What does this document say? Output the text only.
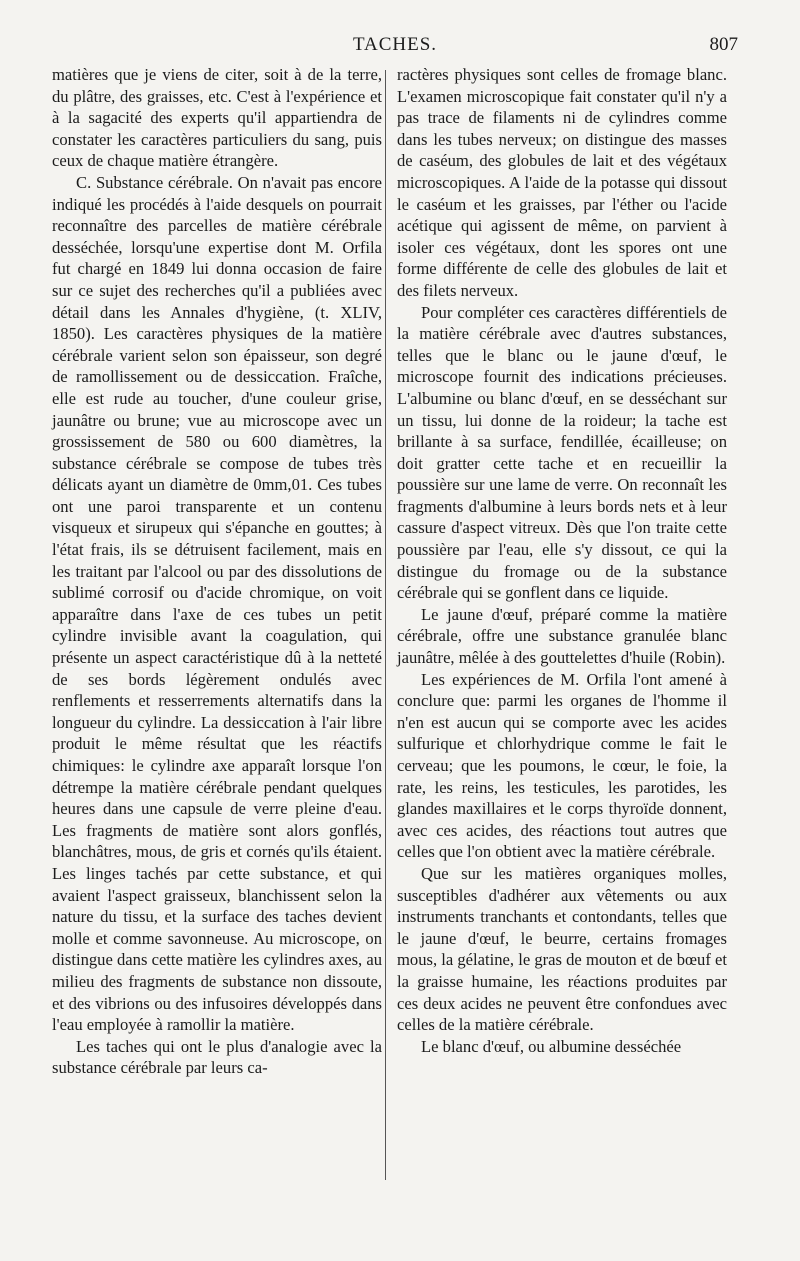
TACHES.	807

matières que je viens de citer, soit à de la terre, du plâtre, des graisses, etc. C'est à l'expérience et à la sagacité des experts qu'il appartiendra de constater les caractères particuliers du sang, puis ceux de chaque matière étrangère.

C. Substance cérébrale. On n'avait pas encore indiqué les procédés à l'aide desquels on pourrait reconnaître des parcelles de matière cérébrale desséchée, lorsqu'une expertise dont M. Orfila fut chargé en 1849 lui donna occasion de faire sur ce sujet des recherches qu'il a publiées avec détail dans les Annales d'hygiène, (t. XLIV, 1850). Les caractères physiques de la matière cérébrale varient selon son épaisseur, son degré de ramollissement ou de dessiccation. Fraîche, elle est rude au toucher, d'une couleur grise, jaunâtre ou brune; vue au microscope avec un grossissement de 580 ou 600 diamètres, la substance cérébrale se compose de tubes très délicats ayant un diamètre de 0mm,01. Ces tubes ont une paroi transparente et un contenu visqueux et sirupeux qui s'épanche en gouttes; à l'état frais, ils se détruisent facilement, mais en les traitant par l'alcool ou par des dissolutions de sublimé corrosif ou d'acide chromique, on voit apparaître dans l'axe de ces tubes un petit cylindre invisible avant la coagulation, qui présente un aspect caractéristique dû à la netteté de ses bords légèrement ondulés avec renflements et resserrements alternatifs dans la longueur du cylindre. La dessiccation à l'air libre produit le même résultat que les réactifs chimiques: le cylindre axe apparaît lorsque l'on détrempe la matière cérébrale pendant quelques heures dans une capsule de verre pleine d'eau. Les fragments de matière sont alors gonflés, blanchâtres, mous, de gris et cornés qu'ils étaient. Les linges tachés par cette substance, et qui avaient l'aspect graisseux, blanchissent selon la nature du tissu, et la surface des taches devient molle et comme savonneuse. Au microscope, on distingue dans cette matière les cylindres axes, au milieu des fragments de substance non dissoute, et des vibrions ou des infusoires développés dans l'eau employée à ramollir la matière.

Les taches qui ont le plus d'analogie avec la substance cérébrale par leurs ca-

ractères physiques sont celles de fromage blanc. L'examen microscopique fait constater qu'il n'y a pas trace de filaments ni de cylindres comme dans les tubes nerveux; on distingue des masses de caséum, des globules de lait et des végétaux microscopiques. A l'aide de la potasse qui dissout le caséum et les graisses, par l'éther ou l'acide acétique qui agissent de même, on parvient à isoler ces végétaux, dont les spores ont une forme différente de celle des globules de lait et des filets nerveux.

Pour compléter ces caractères différentiels de la matière cérébrale avec d'autres substances, telles que le blanc ou le jaune d'œuf, le microscope fournit des indications précieuses. L'albumine ou blanc d'œuf, en se desséchant sur un tissu, lui donne de la roideur; la tache est brillante à sa surface, fendillée, écailleuse; on doit gratter cette tache et en recueillir la poussière sur une lame de verre. On reconnaît les fragments d'albumine à leurs bords nets et à leur cassure d'aspect vitreux. Dès que l'on traite cette poussière par l'eau, elle s'y dissout, ce qui la distingue du fromage ou de la substance cérébrale qui se gonflent dans ce liquide.

Le jaune d'œuf, préparé comme la matière cérébrale, offre une substance granulée blanc jaunâtre, mêlée à des gouttelettes d'huile (Robin).

Les expériences de M. Orfila l'ont amené à conclure que: parmi les organes de l'homme il n'en est aucun qui se comporte avec les acides sulfurique et chlorhydrique comme le fait le cerveau; que les poumons, le cœur, le foie, la rate, les reins, les testicules, les parotides, les glandes maxillaires et le corps thyroïde donnent, avec ces acides, des réactions tout autres que celles que l'on obtient avec la matière cérébrale.

Que sur les matières organiques molles, susceptibles d'adhérer aux vêtements ou aux instruments tranchants et contondants, telles que le jaune d'œuf, le beurre, certains fromages mous, la gélatine, le gras de mouton et de bœuf et la graisse humaine, les réactions produites par ces deux acides ne peuvent être confondues avec celles de la matière cérébrale.

Le blanc d'œuf, ou albumine desséchée
